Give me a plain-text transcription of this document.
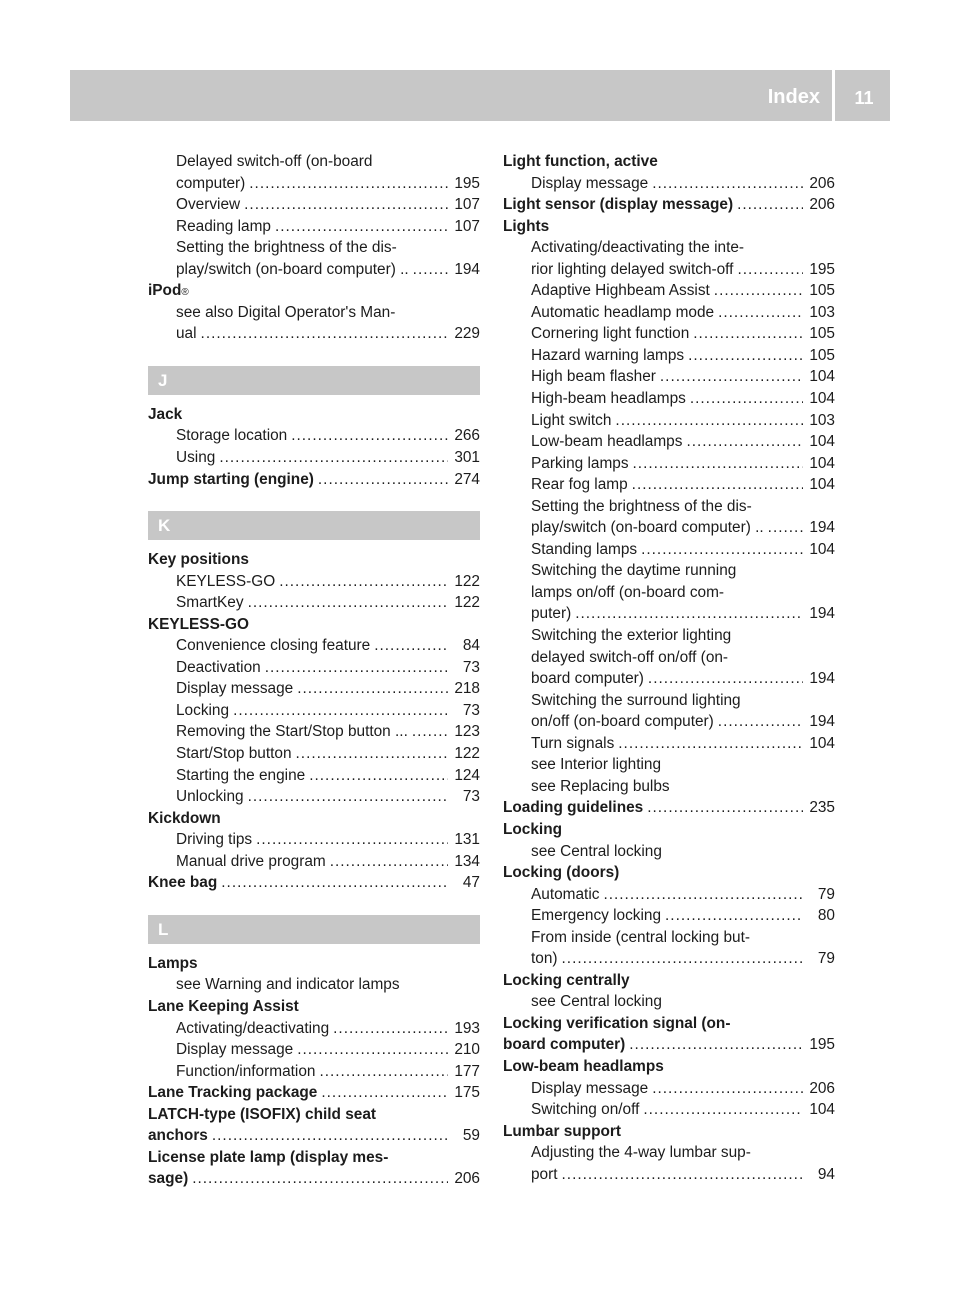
Index	11
Delayed switch-off (on-board
computer) .....	195
Overview .....	107
Reading lamp .....	107
Setting the brightness of the dis-
play/switch (on-board computer) .. .....	194
iPod ®
see also Digital Operator's Man-
ual .....	229
J
Jack
Storage location .....	266
Using .....	301
Jump starting (engine) .....	274
K
Key positions
KEYLESS-GO .....	122
SmartKey .....	122
KEYLESS-GO
Convenience closing feature .....	84
Deactivation .....	73
Display message .....	218
Locking .....	73
Removing the Start/Stop button ... .....	123
Start/Stop button .....	122
Starting the engine .....	124
Unlocking .....	73
Kickdown
Driving tips .....	131
Manual drive program .....	134
Knee bag .....	47
L
Lamps
see Warning and indicator lamps
Lane Keeping Assist
Activating/deactivating .....	193
Display message .....	210
Function/information .....	177
Lane Tracking package .....	175
LATCH-type (ISOFIX) child seat
anchors .....	59
License plate lamp (display mes-
sage) .....	206
Light function, active
Display message .....	206
Light sensor (display message) .....	206
Lights
Activating/deactivating the inte-
rior lighting delayed switch-off .....	195
Adaptive Highbeam Assist .....	105
Automatic headlamp mode .....	103
Cornering light function .....	105
Hazard warning lamps .....	105
High beam flasher .....	104
High-beam headlamps .....	104
Light switch .....	103
Low-beam headlamps .....	104
Parking lamps .....	104
Rear fog lamp .....	104
Setting the brightness of the dis-
play/switch (on-board computer) .. .....	194
Standing lamps .....	104
Switching the daytime running
lamps on/off (on-board com-
puter) .....	194
Switching the exterior lighting
delayed switch-off on/off (on-
board computer) .....	194
Switching the surround lighting
on/off (on-board computer) .....	194
Turn signals .....	104
see Interior lighting
see Replacing bulbs
Loading guidelines .....	235
Locking
see Central locking
Locking (doors)
Automatic .....	79
Emergency locking .....	80
From inside (central locking but-
ton) .....	79
Locking centrally
see Central locking
Locking verification signal (on-
board computer) .....	195
Low-beam headlamps
Display message .....	206
Switching on/off .....	104
Lumbar support
Adjusting the 4-way lumbar sup-
port .....	94
